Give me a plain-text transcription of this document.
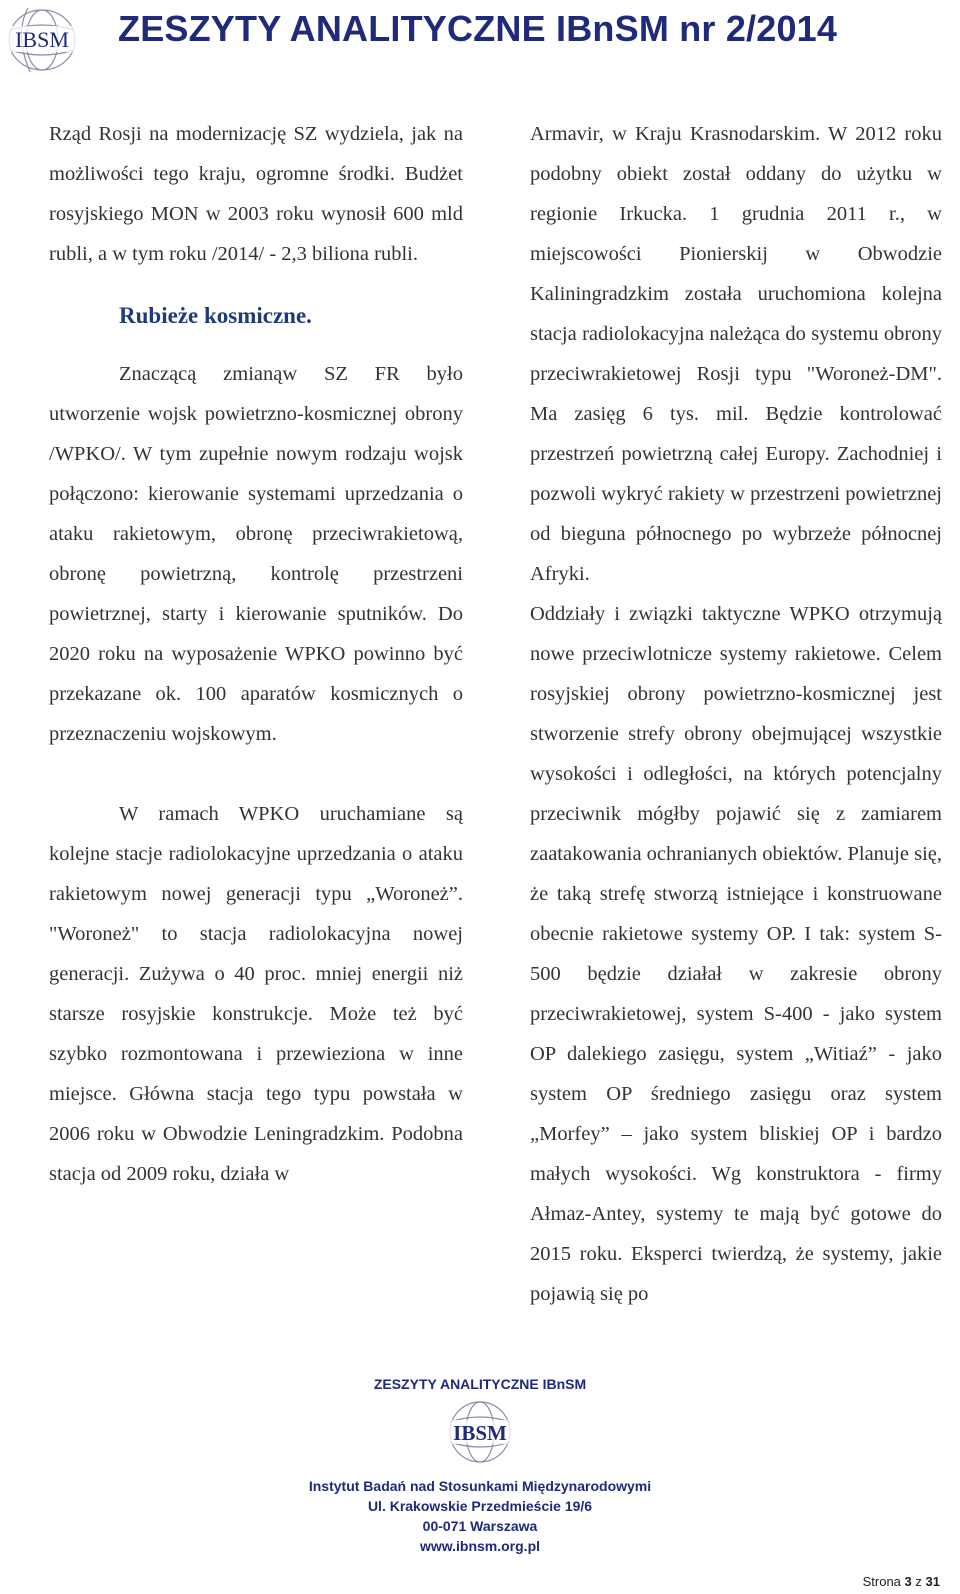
IBSM ZESZYTY ANALITYCZNE IBnSM nr 2/2014

Rząd Rosji na modernizację SZ wydziela, jak na możliwości tego kraju, ogromne środki. Budżet rosyjskiego MON w 2003 roku wynosił 600 mld rubli, a w tym roku /2014/ - 2,3 biliona rubli.

Rubieże kosmiczne.

Znaczącą zmianąw SZ FR było utworzenie wojsk powietrzno-kosmicznej obrony /WPKO/. W tym zupełnie nowym rodzaju wojsk połączono: kierowanie systemami uprzedzania o ataku rakietowym, obronę przeciwrakietową, obronę powietrzną, kontrolę przestrzeni powietrznej, starty i kierowanie sputników. Do 2020 roku na wyposażenie WPKO powinno być przekazane ok. 100 aparatów kosmicznych o przeznaczeniu wojskowym.

W ramach WPKO uruchamiane są kolejne stacje radiolokacyjne uprzedzania o ataku rakietowym nowej generacji typu „Woroneż”. "Woroneż" to stacja radiolokacyjna nowej generacji. Zużywa o 40 proc. mniej energii niż starsze rosyjskie konstrukcje. Może też być szybko rozmontowana i przewieziona w inne miejsce. Główna stacja tego typu powstała w 2006 roku w Obwodzie Leningradzkim. Podobna stacja od 2009 roku, działa w

Armavir, w Kraju Krasnodarskim. W 2012 roku podobny obiekt został oddany do użytku w regionie Irkucka. 1 grudnia 2011 r., w miejscowości Pionierskij w Obwodzie Kaliningradzkim została uruchomiona kolejna stacja radiolokacyjna należąca do systemu obrony przeciwrakietowej Rosji typu "Woroneż-DM". Ma zasięg 6 tys. mil. Będzie kontrolować przestrzeń powietrzną całej Europy. Zachodniej i pozwoli wykryć rakiety w przestrzeni powietrznej od bieguna północnego po wybrzeże północnej Afryki.

Oddziały i związki taktyczne WPKO otrzymują nowe przeciwlotnicze systemy rakietowe. Celem rosyjskiej obrony powietrzno-kosmicznej jest stworzenie strefy obrony obejmującej wszystkie wysokości i odległości, na których potencjalny przeciwnik mógłby pojawić się z zamiarem zaatakowania ochranianych obiektów. Planuje się, że taką strefę stworzą istniejące i konstruowane obecnie rakietowe systemy OP. I tak: system S-500 będzie działał w zakresie obrony przeciwrakietowej, system S-400 - jako system OP dalekiego zasięgu, system „Witiaź” - jako system OP średniego zasięgu oraz system „Morfey” – jako system bliskiej OP i bardzo małych wysokości. Wg konstruktora - firmy Ałmaz-Antey, systemy te mają być gotowe do 2015 roku. Eksperci twierdzą, że systemy, jakie pojawią się po

ZESZYTY ANALITYCZNE IBnSM
IBSM
Instytut Badań nad Stosunkami Międzynarodowymi
Ul. Krakowskie Przedmieście 19/6
00-071 Warszawa
www.ibnsm.org.pl
Strona 3 z 31
